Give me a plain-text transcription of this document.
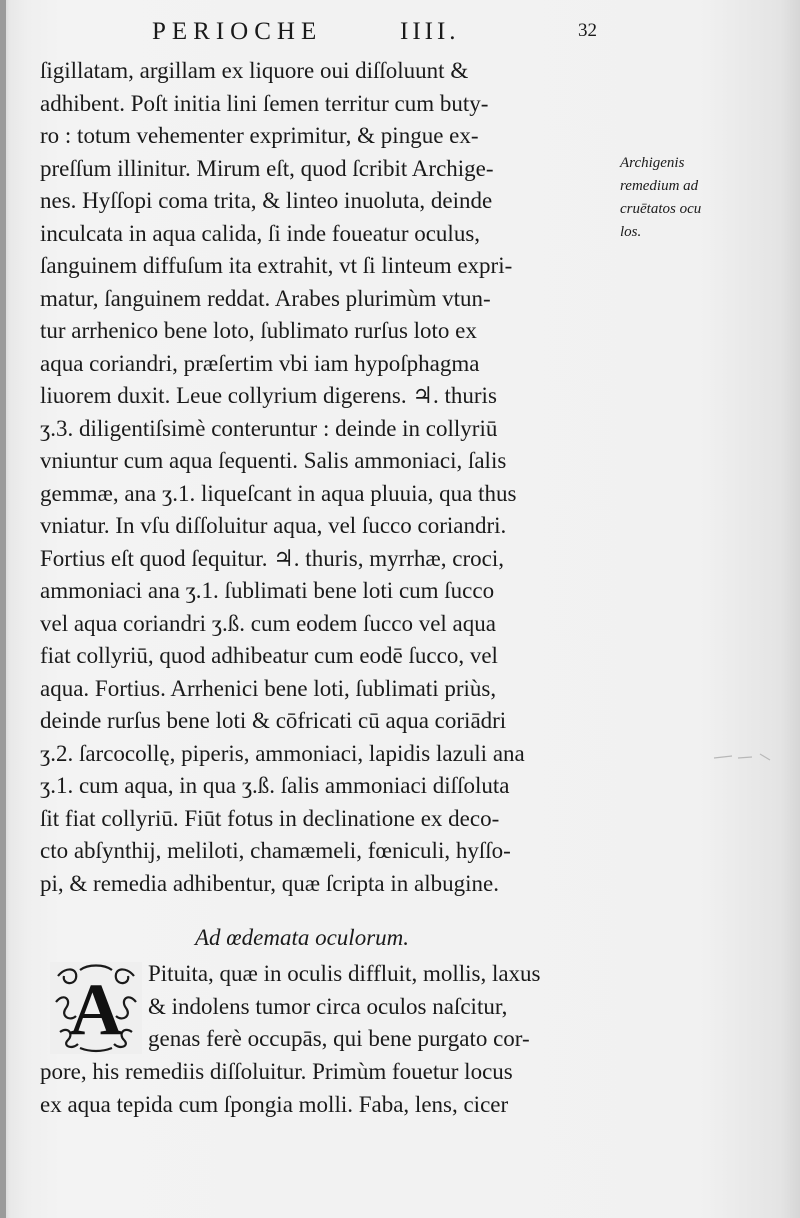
PERIOCHE	IIII.	32
ſigillatam, argillam ex liquore oui diſſoluunt &
adhibent. Poſt initia lini ſemen territur cum buty-
ro : totum vehementer exprimitur, & pingue ex-
preſſum illinitur. Mirum eſt, quod ſcribit Archige-
nes. Hyſſopi coma trita, & linteo inuoluta, deinde
inculcata in aqua calida, ſi inde foueatur oculus,
ſanguinem diffuſum ita extrahit, vt ſi linteum expri-
matur, ſanguinem reddat. Arabes plurimùm vtun-
tur arrhenico bene loto, ſublimato rurſus loto ex
aqua coriandri, præſertim vbi iam hypoſphagma
liuorem duxit. Leue collyrium digerens. ♃. thuris
ʒ.3. diligentiſsimè conteruntur : deinde in collyriū
vniuntur cum aqua ſequenti. Salis ammoniaci, ſalis
gemmæ, ana ʒ.1. liqueſcant in aqua pluuia, qua thus
vniatur. In vſu diſſoluitur aqua, vel ſucco coriandri.
Fortius eſt quod ſequitur. ♃. thuris, myrrhæ, croci,
ammoniaci ana ʒ.1. ſublimati bene loti cum ſucco
vel aqua coriandri ʒ.ß. cum eodem ſucco vel aqua
fiat collyriū, quod adhibeatur cum eodē ſucco, vel
aqua. Fortius. Arrhenici bene loti, ſublimati priùs,
deinde rurſus bene loti & cōfricati cū aqua coriādri
ʒ.2. ſarcocollę, piperis, ammoniaci, lapidis lazuli ana
ʒ.1. cum aqua, in qua ʒ.ß. ſalis ammoniaci diſſoluta
ſit fiat collyriū. Fiūt fotus in declinatione ex deco-
cto abſynthij, meliloti, chamæmeli, fœniculi, hyſſo-
pi, & remedia adhibentur, quæ ſcripta in albugine.
Ad œdemata oculorum.
A Pituita, quæ in oculis diffluit, mollis, laxus
& indolens tumor circa oculos naſcitur,
genas ferè occupās, qui bene purgato cor-
pore, his remediis diſſoluitur. Primùm fouetur locus
ex aqua tepida cum ſpongia molli. Faba, lens, cicer
Archigenis
remedium ad
cruētatos ocu
los.
